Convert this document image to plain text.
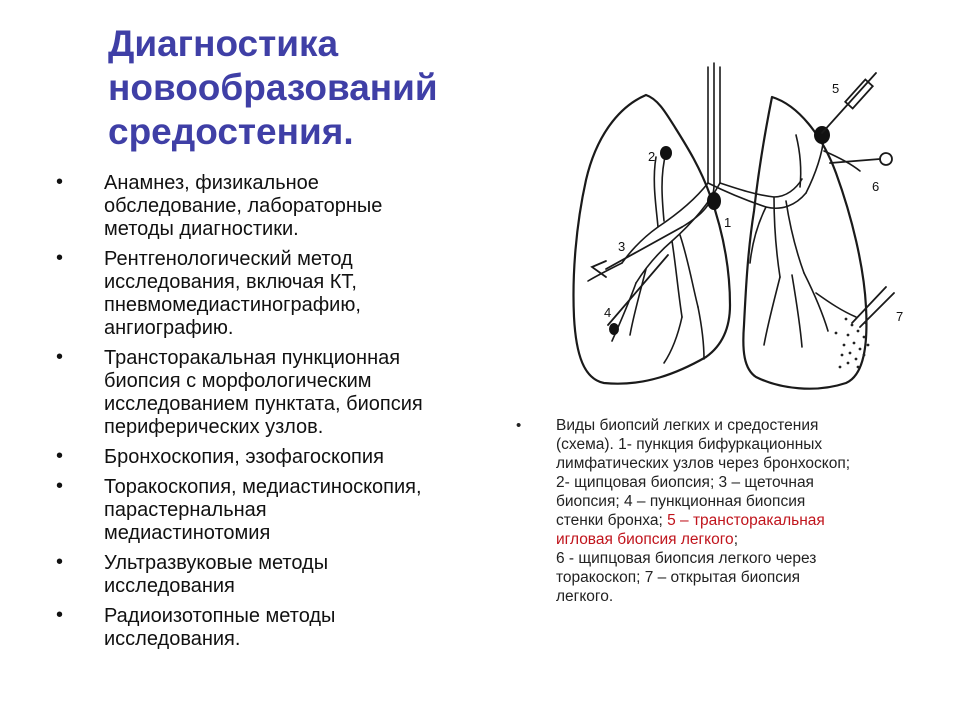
Диагностика
новообразований
средостения.
• Анамнез, физикальное
обследование, лабораторные
методы диагностики.
• Рентгенологический метод
исследования, включая КТ,
пневмомедиастинографию,
ангиографию.
• Трансторакальная пункционная
биопсия с морфологическим
исследованием пунктата, биопсия
периферических узлов.
• Бронхоскопия, эзофагоскопия
• Торакоскопия, медиастиноскопия,
парастернальная
медиастинотомия
• Ультразвуковые методы
исследования
• Радиоизотопные методы
исследования.
1
2
3
4
5
6
7
• Виды биопсий легких и средостения
(схема). 1- пункция бифуркационных
лимфатических узлов через бронхоскоп;
2- щипцовая биопсия; 3 – щеточная
биопсия; 4 – пункционная биопсия
стенки бронха; 5 – трансторакальная
игловая биопсия легкого;
6 - щипцовая биопсия легкого через
торакоскоп; 7 – открытая биопсия
легкого.
